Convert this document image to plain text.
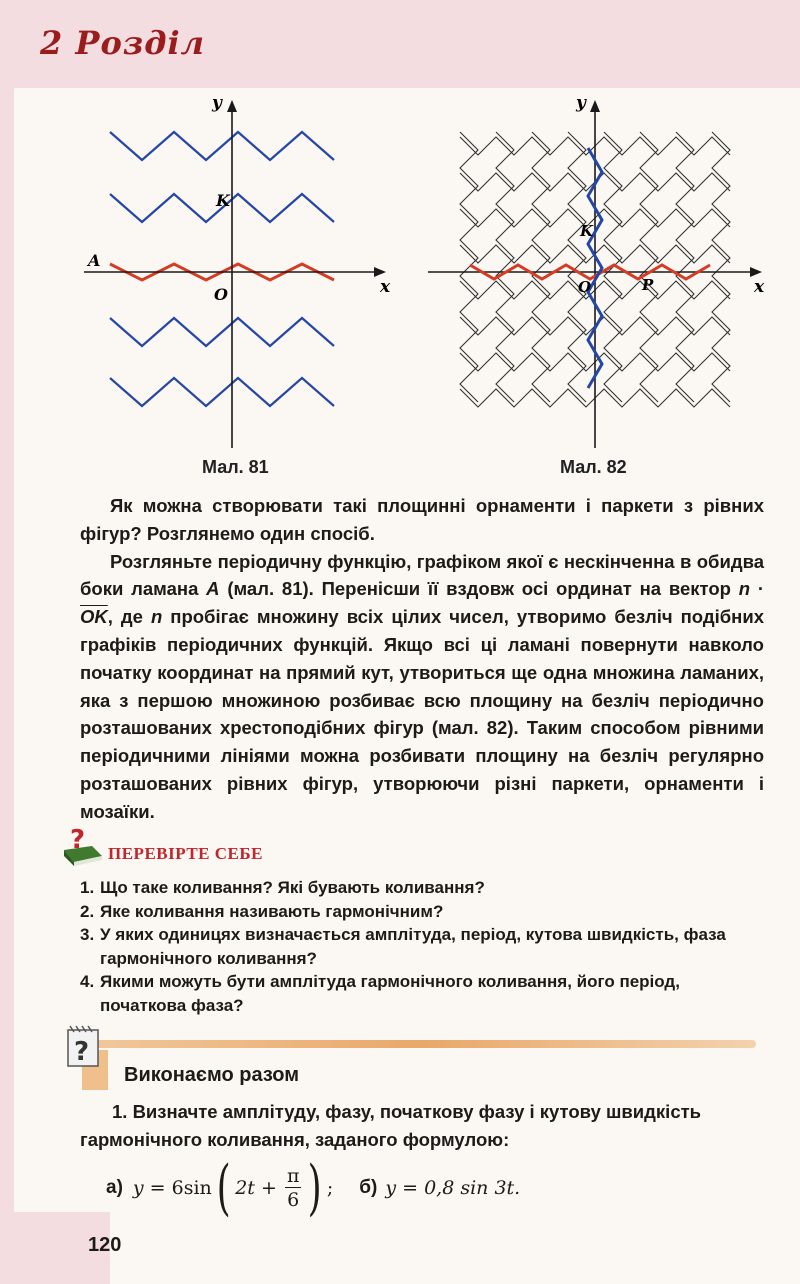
2 Розділ
y
x
O
K
A
Мал. 81
y
x
O
K
P
Мал. 82

Як можна створювати такі площинні орнаменти і паркети з рівних фігур? Розглянемо один спосіб.

Розгляньте періодичну функцію, графіком якої є нескінченна в обидва боки ламана A (мал. 81). Перенісши її вздовж осі ординат на вектор $n \cdot \overline{OK}$, де n пробігає множину всіх цілих чисел, утворимо безліч подібних графіків періодичних функцій. Якщо всі ці ламані повернути навколо початку координат на прямий кут, утвориться ще одна множина ламаних, яка з першою множиною розбиває всю площину на безліч періодично розташованих хрестоподібних фігур (мал. 82). Таким способом рівними періодичними лініями можна розбивати площину на безліч регулярно розташованих рівних фігур, утворюючи різні паркети, орнаменти і мозаїки.

? ПЕРЕВІРТЕ СЕБЕ
1. Що таке коливання? Які бувають коливання?
2. Яке коливання називають гармонічним?
3. У яких одиницях визначається амплітуда, період, кутова швидкість, фаза гармонічного коливання?
4. Якими можуть бути амплітуда гармонічного коливання, його період, початкова фаза?
?
Виконаємо разом
1. Визначте амплітуду, фазу, початкову фазу і кутову швидкість гармонічного коливання, заданого формулою:
а) y = 6sin ( $2t + \frac{\pi}{6}$ ) ; б) y = 0,8 sin 3t.
120
